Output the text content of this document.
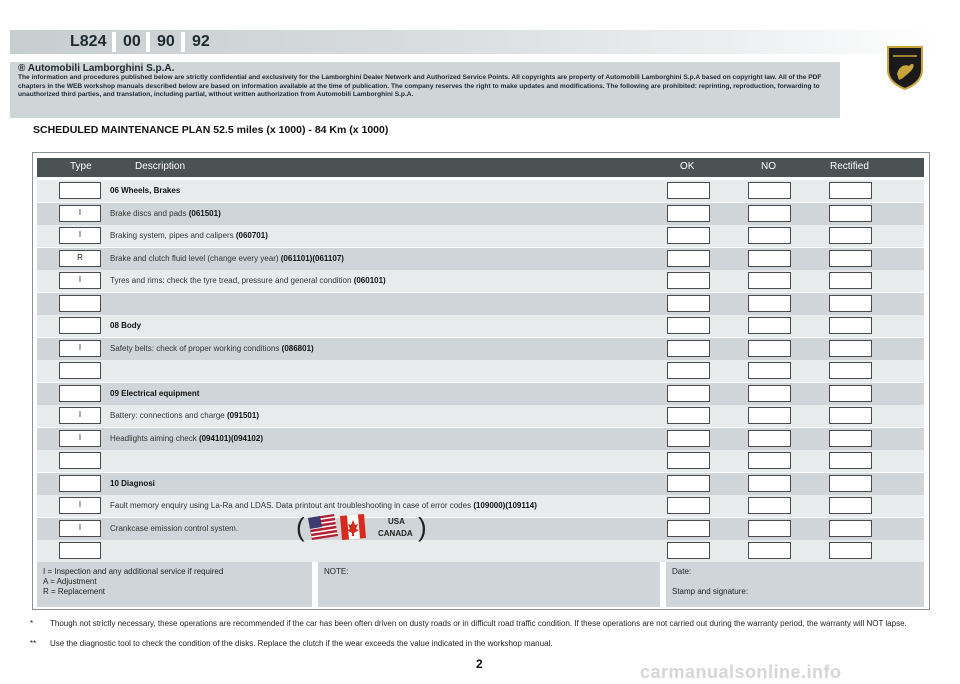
L824 00 90 92
® Automobili Lamborghini S.p.A.
The information and procedures published below are strictly confidential and exclusively for the Lamborghini Dealer Network and Authorized Service Points. All copyrights are property of Automobili Lamborghini S.p.A based on copyright law. All of the PDF chapters in the WEB workshop manuals described below are based on information available at the time of publication. The company reserves the right to make updates and modifications. The following are prohibited: reprinting, reproduction, forwarding to unauthorized third parties, and translation, including partial, without written authorization from Automobili Lamborghini S.p.A.
SCHEDULED MAINTENANCE PLAN 52.5 miles (x 1000) - 84 Km (x 1000)
Type	Description	OK	NO	Rectified
06 Wheels, Brakes
I	Brake discs and pads (061501)
I	Braking system, pipes and calipers (060701)
R	Brake and clutch fluid level (change every year) (061101)(061107)
I	Tyres and rims: check the tyre tread, pressure and general condition (060101)
08 Body
I	Safety belts: check of proper working conditions (086801)
09 Electrical equipment
I	Battery: connections and charge (091501)
I	Headlights aiming check (094101)(094102)
10 Diagnosi
I	Fault memory enquiry using La-Ra and LDAS. Data printout ant troubleshooting in case of error codes (109000)(109114)
I	Crankcase emission control system. (	USA
CANADA )
I = Inspection and any additional service if required
A = Adjustment
R = Replacement
NOTE:	Date:

Stamp and signature:
* Though not strictly necessary, these operations are recommended if the car has been often driven on dusty roads or in difficult road traffic condition. If these operations are not carried out during the warranty period, the warranty will NOT lapse.
** Use the diagnostic tool to check the condition of the disks. Replace the clutch if the wear exceeds the value indicated in the workshop manual.
2	carmanualsonline.info
